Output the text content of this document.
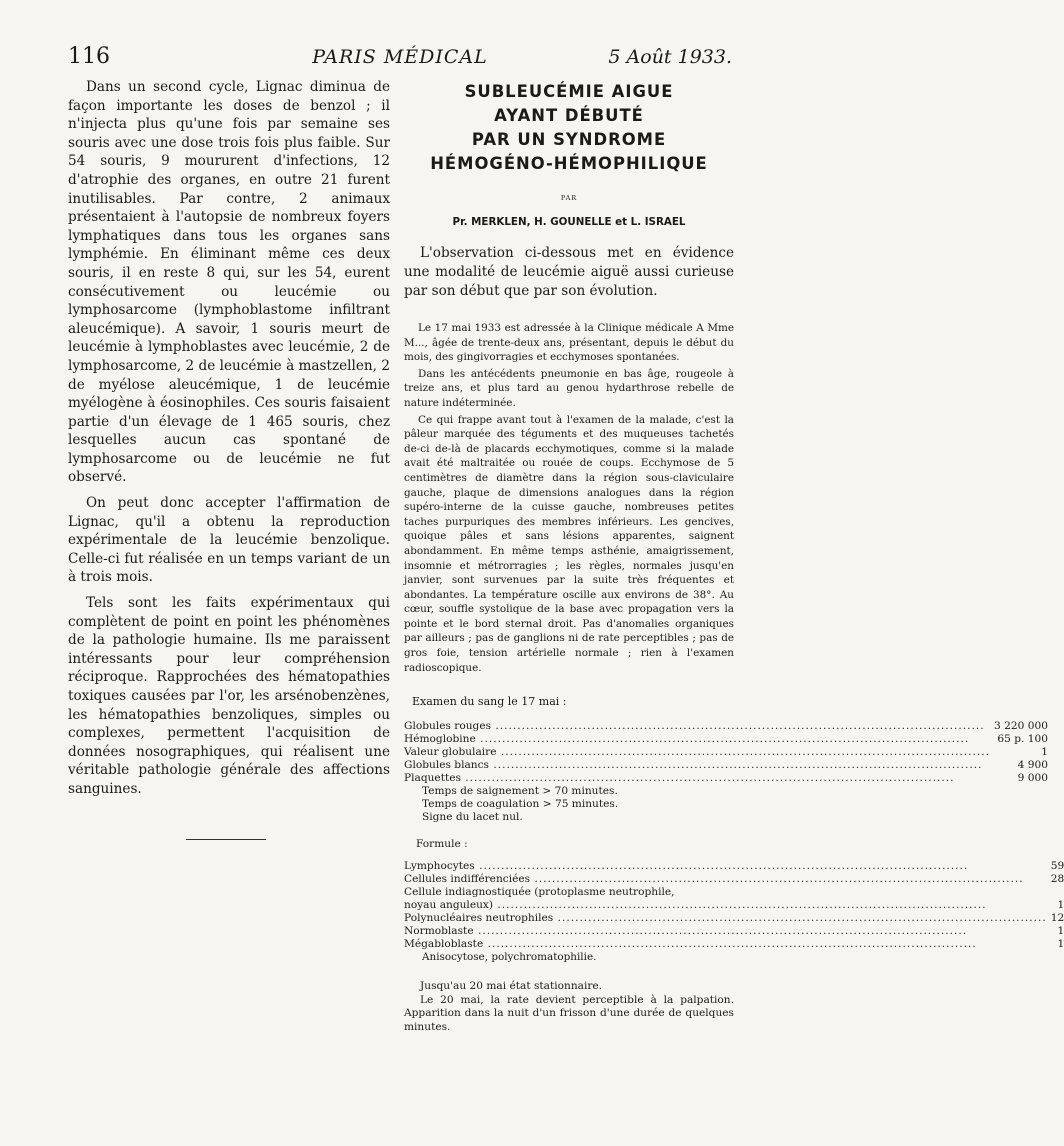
116	PARIS MÉDICAL	5 Août 1933.

Dans un second cycle, Lignac diminua de façon importante les doses de benzol ; il n'injecta plus qu'une fois par semaine ses souris avec une dose trois fois plus faible. Sur 54 souris, 9 moururent d'infections, 12 d'atrophie des organes, en outre 21 furent inutilisables. Par contre, 2 animaux présentaient à l'autopsie de nombreux foyers lymphatiques dans tous les organes sans lymphémie. En éliminant même ces deux souris, il en reste 8 qui, sur les 54, eurent consécutivement ou leucémie ou lymphosarcome (lymphoblastome infiltrant aleucémique). A savoir, 1 souris meurt de leucémie à lymphoblastes avec leucémie, 2 de lymphosarcome, 2 de leucémie à mastzellen, 2 de myélose aleucémique, 1 de leucémie myélogène à éosinophiles. Ces souris faisaient partie d'un élevage de 1 465 souris, chez lesquelles aucun cas spontané de lymphosarcome ou de leucémie ne fut observé.

On peut donc accepter l'affirmation de Lignac, qu'il a obtenu la reproduction expérimentale de la leucémie benzolique. Celle-ci fut réalisée en un temps variant de un à trois mois.

Tels sont les faits expérimentaux qui complètent de point en point les phénomènes de la pathologie humaine. Ils me paraissent intéressants pour leur compréhension réciproque. Rapprochées des hématopathies toxiques causées par l'or, les arsénobenzènes, les hématopathies benzoliques, simples ou complexes, permettent l'acquisition de données nosographiques, qui réalisent une véritable pathologie générale des affections sanguines.

SUBLEUCÉMIE AIGUE
AYANT DÉBUTÉ
PAR UN SYNDROME
HÉMOGÉNO-HÉMOPHILIQUE
PAR
Pr. MERKLEN, H. GOUNELLE et L. ISRAEL

L'observation ci-dessous met en évidence une modalité de leucémie aiguë aussi curieuse par son début que par son évolution.

Le 17 mai 1933 est adressée à la Clinique médicale A Mme M..., âgée de trente-deux ans, présentant, depuis le début du mois, des gingivorragies et ecchymoses spontanées.

Dans les antécédents pneumonie en bas âge, rougeole à treize ans, et plus tard au genou hydarthrose rebelle de nature indéterminée.

Ce qui frappe avant tout à l'examen de la malade, c'est la pâleur marquée des téguments et des muqueuses tachetés de-ci de-là de placards ecchymotiques, comme si la malade avait été maltraitée ou rouée de coups. Ecchymose de 5 centimètres de diamètre dans la région sous-claviculaire gauche, plaque de dimensions analogues dans la région supéro-interne de la cuisse gauche, nombreuses petites taches purpuriques des membres inférieurs. Les gencives, quoique pâles et sans lésions apparentes, saignent abondamment. En même temps asthénie, amaigrissement, insomnie et métrorragies ; les règles, normales jusqu'en janvier, sont survenues par la suite très fréquentes et abondantes. La température oscille aux environs de 38°. Au cœur, souffle systolique de la base avec propagation vers la pointe et le bord sternal droit. Pas d'anomalies organiques par ailleurs ; pas de ganglions ni de rate perceptibles ; pas de gros foie, tension artérielle normale ; rien à l'examen radioscopique.

Examen du sang le 17 mai :
Globules rouges .....	3 220 000
Hémoglobine .....	65 p. 100
Valeur globulaire .....	1
Globules blancs .....	4 900
Plaquettes .....	9 000
Temps de saignement > 70 minutes.
Temps de coagulation > 75 minutes.
Signe du lacet nul.
Formule :
Lymphocytes .....	59
Cellules indifférenciées .....	28
Cellule indiagnostiquée (protoplasme neutrophile,	
noyau anguleux) .....	1
Polynucléaires neutrophiles .....	12
Normoblaste .....	1
Mégabloblaste .....	1
Anisocytose, polychromatophilie.

Jusqu'au 20 mai état stationnaire.

Le 20 mai, la rate devient perceptible à la palpation. Apparition dans la nuit d'un frisson d'une durée de quelques minutes.
